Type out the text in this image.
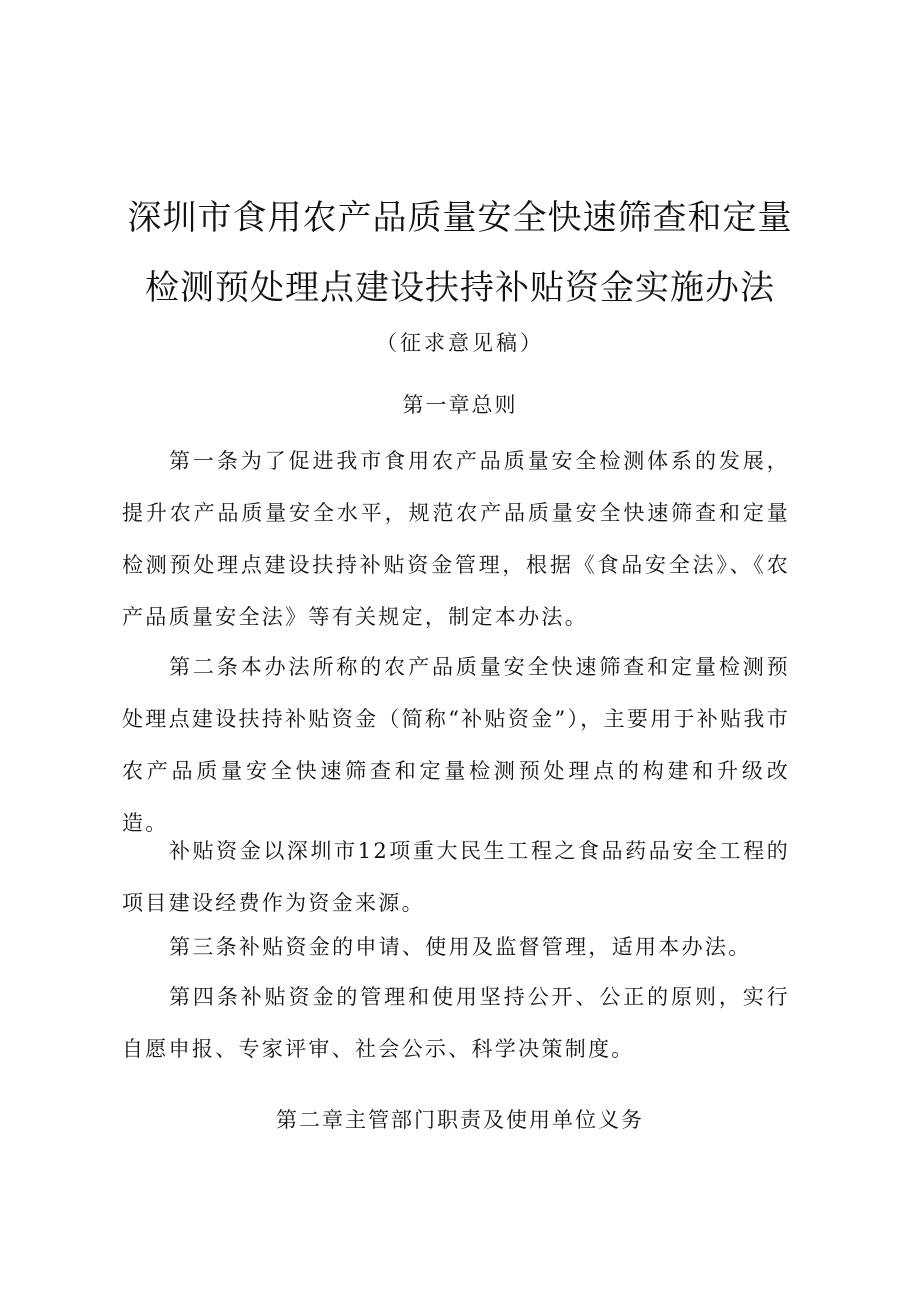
深圳市食用农产品质量安全快速筛查和定量
检测预处理点建设扶持补贴资金实施办法
（征求意见稿）
第一章总则

第一条为了促进我市食用农产品质量安全检测体系的发展，提升农产品质量安全水平，规范农产品质量安全快速筛查和定量检测预处理点建设扶持补贴资金管理，根据《食品安全法》、《农产品质量安全法》等有关规定，制定本办法。

第二条本办法所称的农产品质量安全快速筛查和定量检测预处理点建设扶持补贴资金（简称“补贴资金”），主要用于补贴我市农产品质量安全快速筛查和定量检测预处理点的构建和升级改造。

补贴资金以深圳市12项重大民生工程之食品药品安全工程的项目建设经费作为资金来源。

第三条补贴资金的申请、使用及监督管理，适用本办法。

第四条补贴资金的管理和使用坚持公开、公正的原则，实行自愿申报、专家评审、社会公示、科学决策制度。

第二章主管部门职责及使用单位义务
